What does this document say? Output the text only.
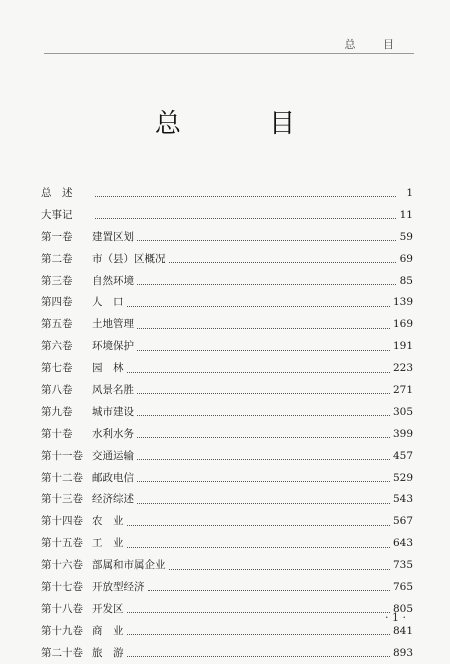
总 目
总 目
总　述	1
大事记	11
第一卷	建置区划	59
第二卷	市（县）区概况	69
第三卷	自然环境	85
第四卷	人　口	139
第五卷	土地管理	169
第六卷	环境保护	191
第七卷	园　林	223
第八卷	风景名胜	271
第九卷	城市建设	305
第十卷	水利水务	399
第十一卷 交通运输	457
第十二卷 邮政电信	529
第十三卷 经济综述	543
第十四卷 农　业	567
第十五卷 工　业	643
第十六卷 部属和市属企业	735
第十七卷 开放型经济	765
第十八卷 开发区	805
第十九卷 商　业	841
第二十卷 旅　游	893
· 1 ·
